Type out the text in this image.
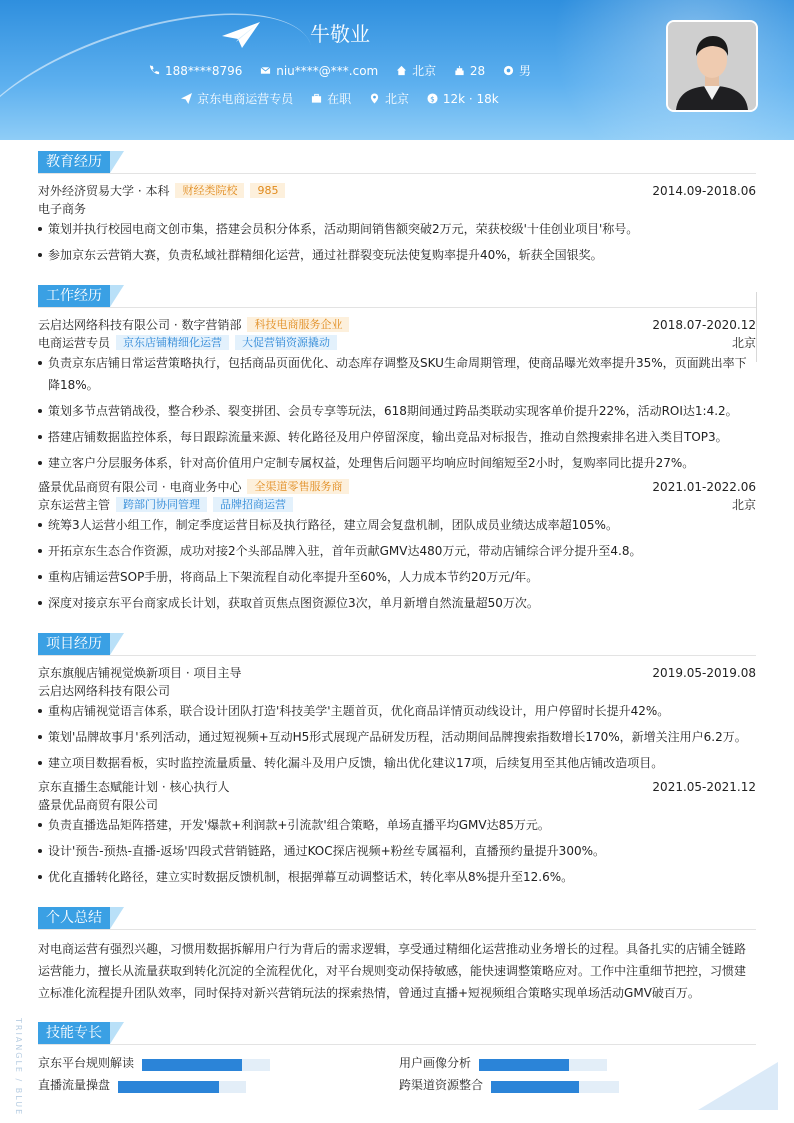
牛敬业
188****8796	niu****@***.com	北京	28	男
京东电商运营专员	在职	北京	$ 12k · 18k
教育经历
对外经济贸易大学 · 本科 财经类院校 985	2014.09-2018.06
电子商务
策划并执行校园电商文创市集，搭建会员积分体系，活动期间销售额突破2万元，荣获校级'十佳创业项目'称号。
参加京东云营销大赛，负责私域社群精细化运营，通过社群裂变玩法使复购率提升40%，斩获全国银奖。
工作经历
云启达网络科技有限公司 · 数字营销部 科技电商服务企业	2018.07-2020.12
电商运营专员 京东店铺精细化运营 大促营销资源撬动	北京
负责京东店铺日常运营策略执行，包括商品页面优化、动态库存调整及SKU生命周期管理，使商品曝光效率提升35%，页面跳出率下降18%。
策划多节点营销战役，整合秒杀、裂变拼团、会员专享等玩法，618期间通过跨品类联动实现客单价提升22%，活动ROI达1:4.2。
搭建店铺数据监控体系，每日跟踪流量来源、转化路径及用户停留深度，输出竞品对标报告，推动自然搜索排名进入类目TOP3。
建立客户分层服务体系，针对高价值用户定制专属权益，处理售后问题平均响应时间缩短至2小时，复购率同比提升27%。
盛景优品商贸有限公司 · 电商业务中心 全渠道零售服务商	2021.01-2022.06
京东运营主管 跨部门协同管理 品牌招商运营	北京
统筹3人运营小组工作，制定季度运营目标及执行路径，建立周会复盘机制，团队成员业绩达成率超105%。
开拓京东生态合作资源，成功对接2个头部品牌入驻，首年贡献GMV达480万元，带动店铺综合评分提升至4.8。
重构店铺运营SOP手册，将商品上下架流程自动化率提升至60%，人力成本节约20万元/年。
深度对接京东平台商家成长计划，获取首页焦点图资源位3次，单月新增自然流量超50万次。
项目经历
京东旗舰店铺视觉焕新项目 · 项目主导	2019.05-2019.08
云启达网络科技有限公司
重构店铺视觉语言体系，联合设计团队打造'科技美学'主题首页，优化商品详情页动线设计，用户停留时长提升42%。
策划'品牌故事月'系列活动，通过短视频+互动H5形式展现产品研发历程，活动期间品牌搜索指数增长170%，新增关注用户6.2万。
建立项目数据看板，实时监控流量质量、转化漏斗及用户反馈，输出优化建议17项，后续复用至其他店铺改造项目。
京东直播生态赋能计划 · 核心执行人	2021.05-2021.12
盛景优品商贸有限公司
负责直播选品矩阵搭建，开发'爆款+利润款+引流款'组合策略，单场直播平均GMV达85万元。
设计'预告-预热-直播-返场'四段式营销链路，通过KOC探店视频+粉丝专属福利，直播预约量提升300%。
优化直播转化路径，建立实时数据反馈机制，根据弹幕互动调整话术，转化率从8%提升至12.6%。
个人总结
对电商运营有强烈兴趣，习惯用数据拆解用户行为背后的需求逻辑，享受通过精细化运营推动业务增长的过程。具备扎实的店铺全链路
运营能力，擅长从流量获取到转化沉淀的全流程优化，对平台规则变动保持敏感，能快速调整策略应对。工作中注重细节把控，习惯建
立标准化流程提升团队效率，同时保持对新兴营销玩法的探索热情，曾通过直播+短视频组合策略实现单场活动GMV破百万。
技能专长
京东平台规则解读	用户画像分析
直播流量操盘	跨渠道资源整合
TRIANGLE / BLUE
